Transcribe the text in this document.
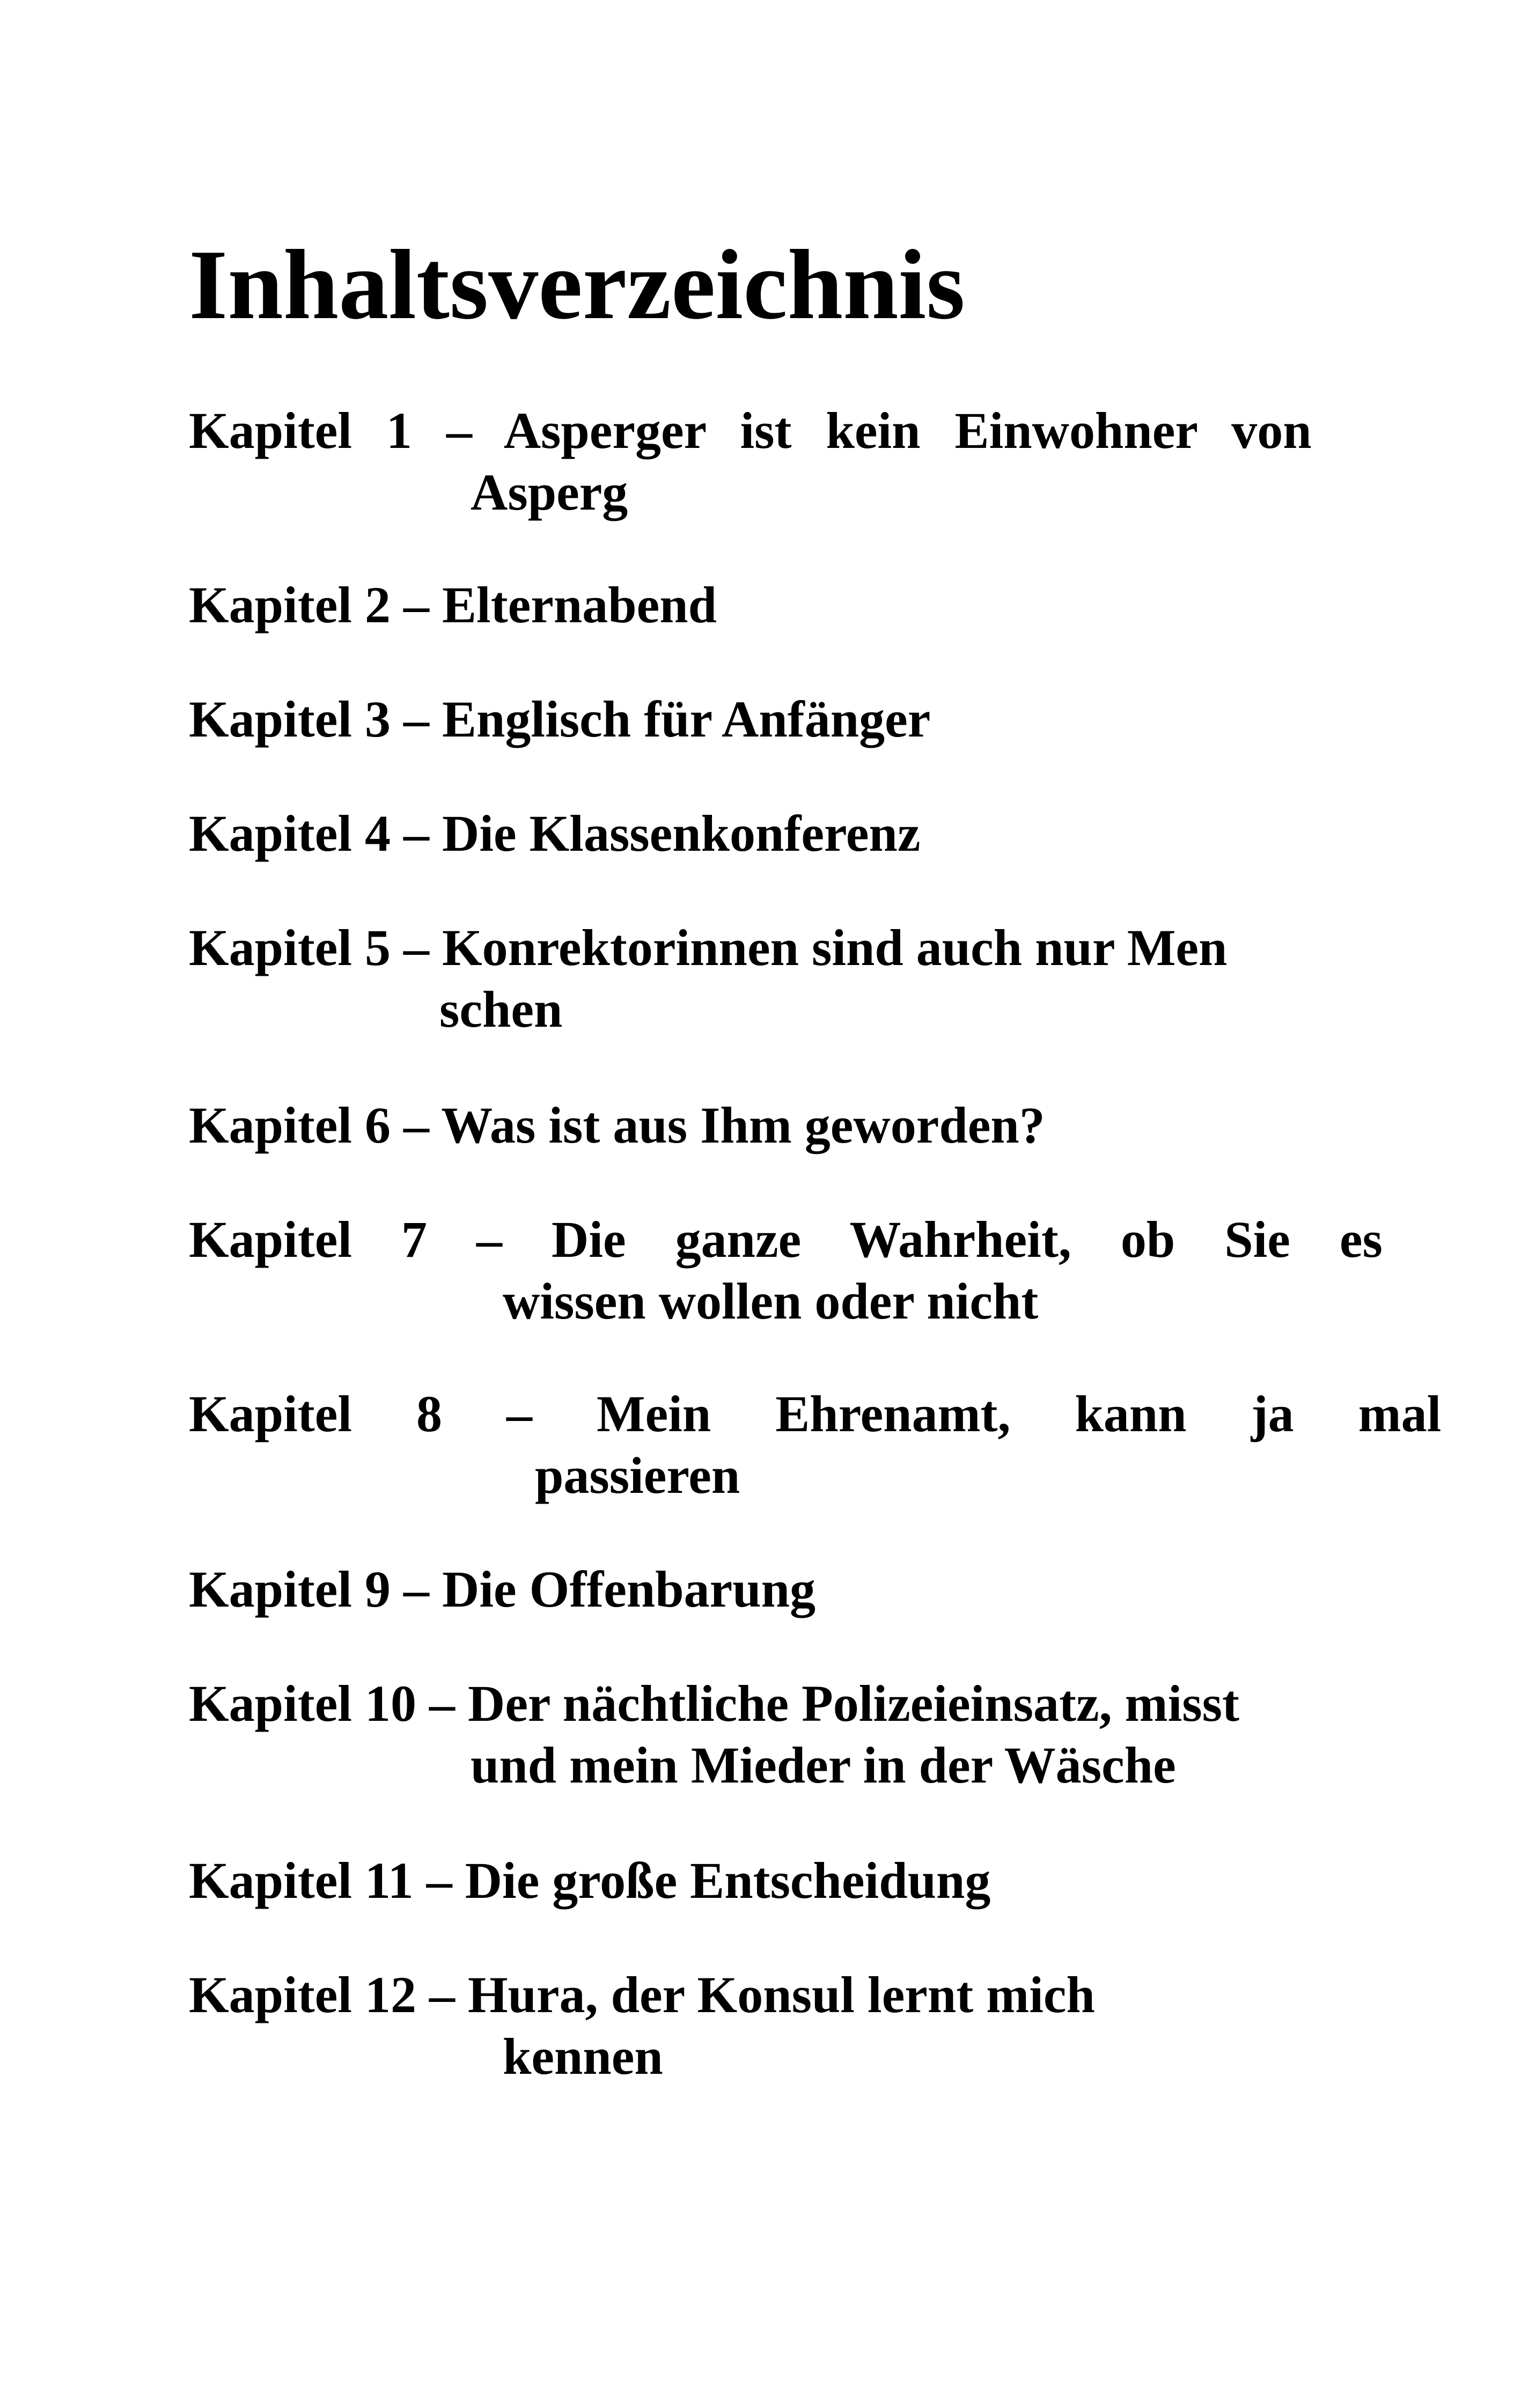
Inhaltsverzeichnis
Kapitel 1 – Asperger ist kein Einwohner von
Asperg
Kapitel 2 – Elternabend
Kapitel 3 – Englisch für Anfänger
Kapitel 4 – Die Klassenkonferenz
Kapitel 5 – Konrektorinnen sind auch nur Men
schen
Kapitel 6 – Was ist aus Ihm geworden?
Kapitel 7 – Die ganze Wahrheit, ob Sie es
wissen wollen oder nicht
Kapitel 8 – Mein Ehrenamt, kann ja mal
passieren
Kapitel 9 – Die Offenbarung
Kapitel 10 – Der nächtliche Polizeieinsatz, misst
und mein Mieder in der Wäsche
Kapitel 11 – Die große Entscheidung
Kapitel 12 – Hura, der Konsul lernt mich
kennen
